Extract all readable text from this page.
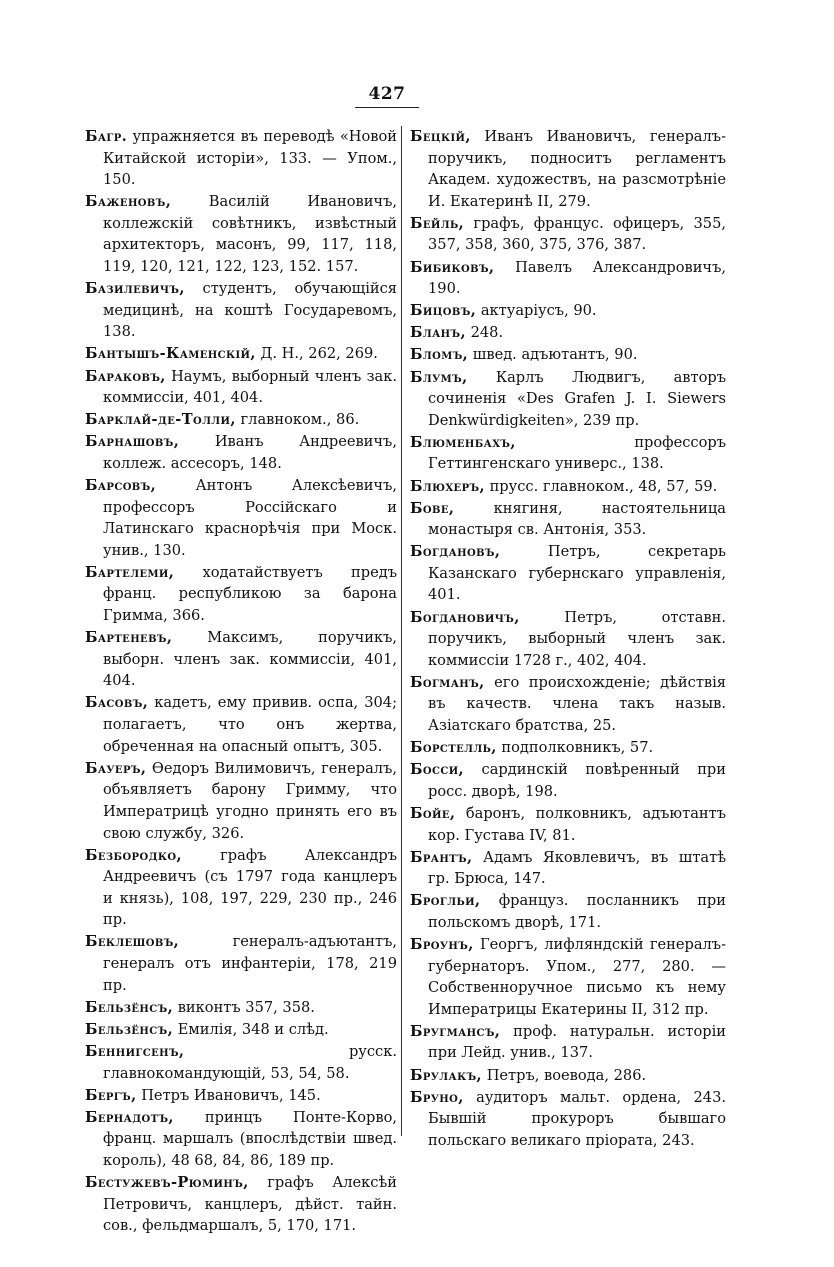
427

Багр. упражняется въ переводѣ «Новой Китайской исторіи», 133. — Упом., 150.

Баженовъ,	Василій Ивановичъ, коллежскій совѣтникъ, извѣстный архитекторъ, масонъ, 99, 117, 118, 119, 120, 121, 122, 123, 152. 157.

Базилевичъ, студентъ, обучающійся медицинѣ, на коштѣ Государевомъ, 138.

Бантышъ-Каменскій, Д. Н., 262, 269.

Бараковъ, Наумъ, выборный членъ зак. коммиссіи, 401, 404.

Барклай-де-Толли, главноком., 86.

Барнашовъ, Иванъ Андреевичъ, коллеж. ассесоръ, 148.

Барсовъ,	Антонъ Алексѣевичъ, профессоръ Россійскаго и Латинскаго краснорѣчія при Моск. унив., 130.

Бартелеми, ходатайствуетъ предъ франц. республикою за барона Гримма, 366.

Бартеневъ, Максимъ, поручикъ, выборн. членъ зак. коммиссіи, 401, 404.

Басовъ, кадетъ, ему привив. оспа, 304; полагаетъ, что онъ жертва, обреченная на опасный опытъ, 305.

Бауеръ, Ѳедоръ Вилимовичъ, генералъ, объявляетъ барону Гримму, что Императрицѣ угодно принять его въ свою службу, 326.

Безбородко,	графъ Александръ Андреевичъ (съ 1797 года канцлеръ и князь), 108, 197, 229, 230 пр., 246 пр.

Беклешовъ,	генералъ-адъютантъ, генералъ отъ инфантеріи, 178, 219 пр.

Бельзёнсъ, виконтъ 357, 358.

Бельзёнсъ, Емилія, 348 и слѣд.

Беннигсенъ,	русск. главнокомандующій, 53, 54, 58.

Бергъ, Петръ Ивановичъ, 145.

Бернадотъ, принцъ Понте-Корво, франц. маршалъ (впослѣдствіи швед. король), 48 68, 84, 86, 189 пр.

Бестужевъ-Рюминъ, графъ Алексѣй Петровичъ, канцлеръ, дѣйст. тайн. сов., фельдмаршалъ, 5, 170, 171.

Бецкій, Иванъ Ивановичъ, генералъ-поручикъ, подноситъ регламентъ Академ. художествъ, на разсмотрѣніе И. Екатеринѣ II, 279.

Бейль, графъ, францус. офицеръ, 355, 357, 358, 360, 375, 376, 387.

Бибиковъ, Павелъ Александровичъ, 190.

Бицовъ, актуаріусъ, 90.

Бланъ, 248.

Бломъ, швед. адъютантъ, 90.

Блумъ, Карлъ Людвигъ, авторъ сочиненія «Des Grafen J. I. Siewers Denkwürdigkeiten», 239 пр.

Блюменбахъ,	профессоръ Геттингенскаго универс., 138.

Блюхеръ, пpусс. главноком., 48, 57, 59.

Бове,	княгиня, настоятельница монастыря св. Антонія, 353.

Богдановъ,	Петръ, секретарь Казанскаго губернскаго управленія, 401.

Богдановичъ,	Петръ, отставн. поручикъ, выборный членъ зак. коммиссіи 1728 г., 402, 404.

Богманъ, его происхожденіе; дѣйствія въ качеств. члена такъ назыв. Азіатскаго братства, 25.

Борстелль, подполковникъ, 57.

Босси, сардинскій повѣренный при росс. дворѣ, 198.

Бойе, баронъ, полковникъ, адъютантъ кор. Густава IV, 81.

Брантъ, Адамъ Яковлевичъ, въ штатѣ гр. Брюса, 147.

Брогльи, француз. посланникъ при польскомъ дворѣ, 171.

Броунъ, Георгъ, лифляндскій генералъ-губернаторъ. Упом., 277, 280. — Собственноручное письмо къ нему Императрицы Екатерины II, 312 пр.

Бругмансъ, проф. натуральн. исторіи при Лейд. унив., 137.

Брулакъ, Петръ, воевода, 286.

Бруно, аудиторъ мальт. ордена, 243. Бывшій прокуроръ бывшаго польскаго великаго пріората, 243.
